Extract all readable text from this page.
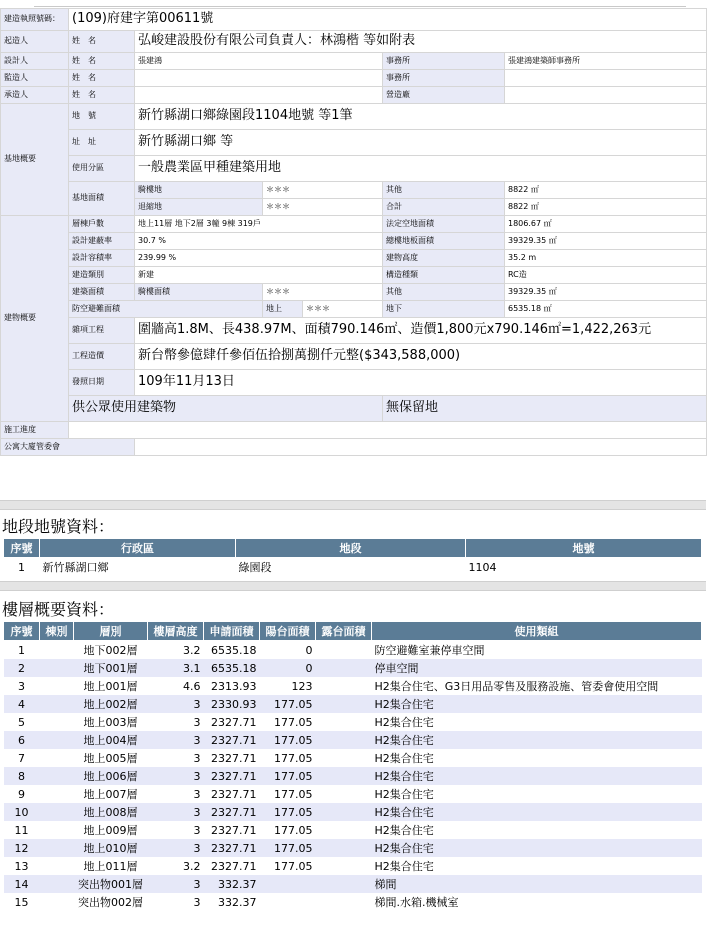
建造執照號碼：	(109)府建字第00611號					
起造人	姓　名	弘峻建設股份有限公司負責人：林鴻楷 等如附表				
設計人	姓　名	張建鴻			事務所	張建鴻建築師事務所
監造人	姓　名				事務所	
承造人	姓　名				營造廠	
基地概要	地　號	新竹縣湖口鄉綠園段1104地號 等1筆				
	址　址	新竹縣湖口鄉 等				
	使用分區	一般農業區甲種建築用地				
	基地面積	騎樓地	＊＊＊		其他	8822 ㎡
		退縮地	＊＊＊		合計	8822 ㎡
建物概要	層棟戶數	地上11層 地下2層 3幢 9棟 319戶			法定空地面積	1806.67 ㎡
	設計建蔽率	30.7 %			總樓地板面積	39329.35 ㎡
	設計容積率	239.99 %			建物高度	35.2 m
	建造類別	新建			構造種類	RC造
	建築面積	騎樓面積	＊＊＊		其他	39329.35 ㎡
	防空避難面積		地上	＊＊＊	地下	6535.18 ㎡
	雜項工程	圍牆高1.8M、長438.97M、面積790.146㎡、造價1,800元x790.146㎡=1,422,263元				
	工程造價	新台幣參億肆仟參佰伍拾捌萬捌仟元整($343,588,000)				
	發照日期	109年11月13日				
	供公眾使用建築物				無保留地	
施工進度						
公寓大廈管委會						
地段地號資料：
序號	行政區	地段	地號
1	新竹縣湖口鄉	綠園段	1104
樓層概要資料：
序號	棟別	層別	樓層高度	申請面積	陽台面積	露台面積	使用類組
1		地下002層	3.2	6535.18	0		防空避難室兼停車空間
2		地下001層	3.1	6535.18	0		停車空間
3		地上001層	4.6	2313.93	123		H2集合住宅、G3日用品零售及服務設施、管委會使用空間
4		地上002層	3	2330.93	177.05		H2集合住宅
5		地上003層	3	2327.71	177.05		H2集合住宅
6		地上004層	3	2327.71	177.05		H2集合住宅
7		地上005層	3	2327.71	177.05		H2集合住宅
8		地上006層	3	2327.71	177.05		H2集合住宅
9		地上007層	3	2327.71	177.05		H2集合住宅
10		地上008層	3	2327.71	177.05		H2集合住宅
11		地上009層	3	2327.71	177.05		H2集合住宅
12		地上010層	3	2327.71	177.05		H2集合住宅
13		地上011層	3.2	2327.71	177.05		H2集合住宅
14		突出物001層	3	332.37			梯間
15		突出物002層	3	332.37			梯間.水箱.機械室
